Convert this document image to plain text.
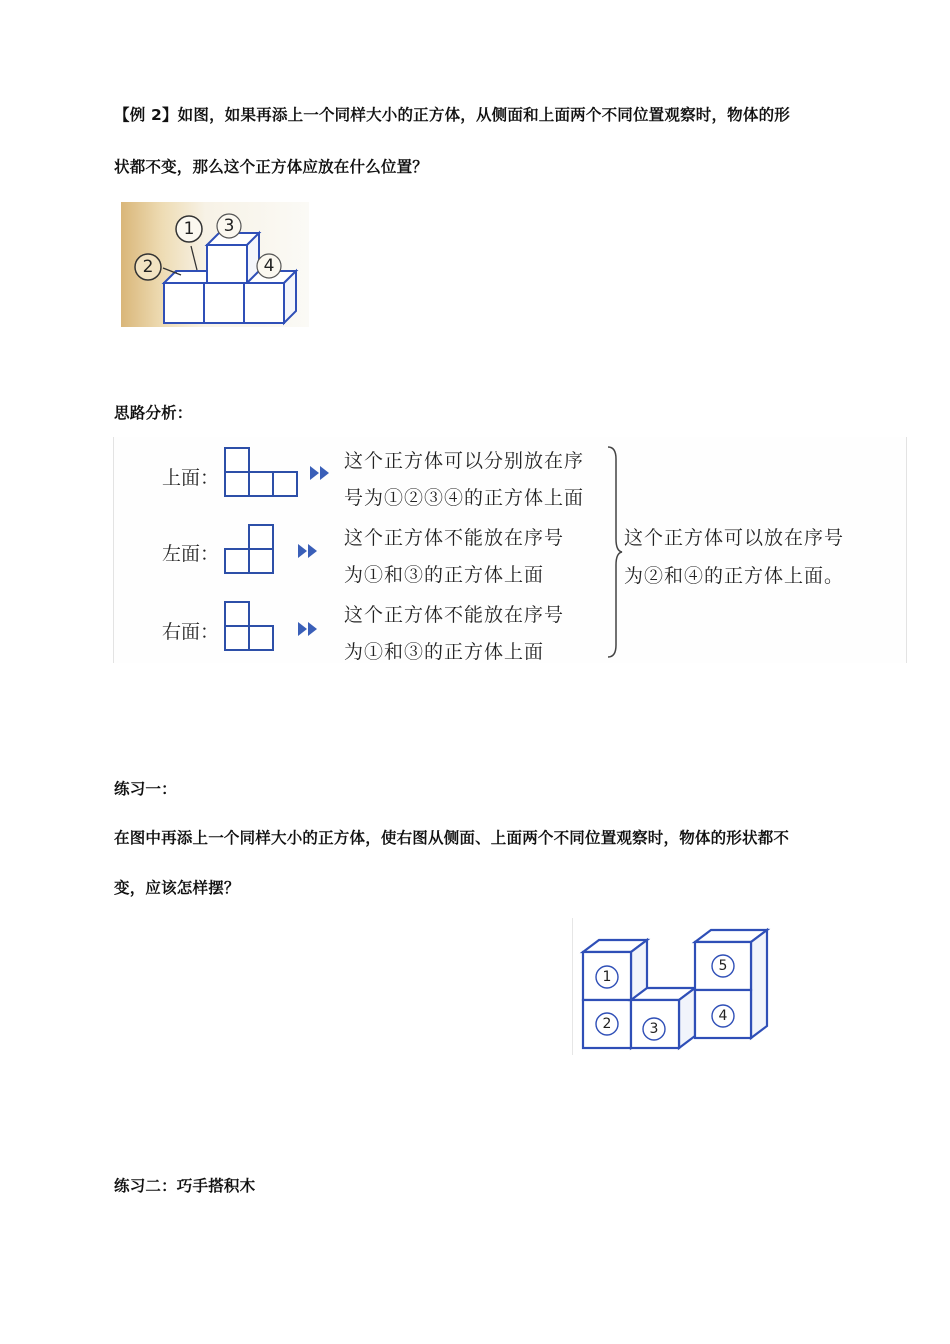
【例 2】如图，如果再添上一个同样大小的正方体，从侧面和上面两个不同位置观察时，物体的形
状都不变，那么这个正方体应放在什么位置？
1
2
3
4
思路分析：
上面：
这个正方体可以分别放在序
号为①②③④的正方体上面
左面：
这个正方体不能放在序号
为①和③的正方体上面
右面：
这个正方体不能放在序号
为①和③的正方体上面
这个正方体可以放在序号
为②和④的正方体上面。
练习一：
在图中再添上一个同样大小的正方体，使右图从侧面、上面两个不同位置观察时，物体的形状都不
变，应该怎样摆？
1
2	3
4
5
练习二：巧手搭积木
